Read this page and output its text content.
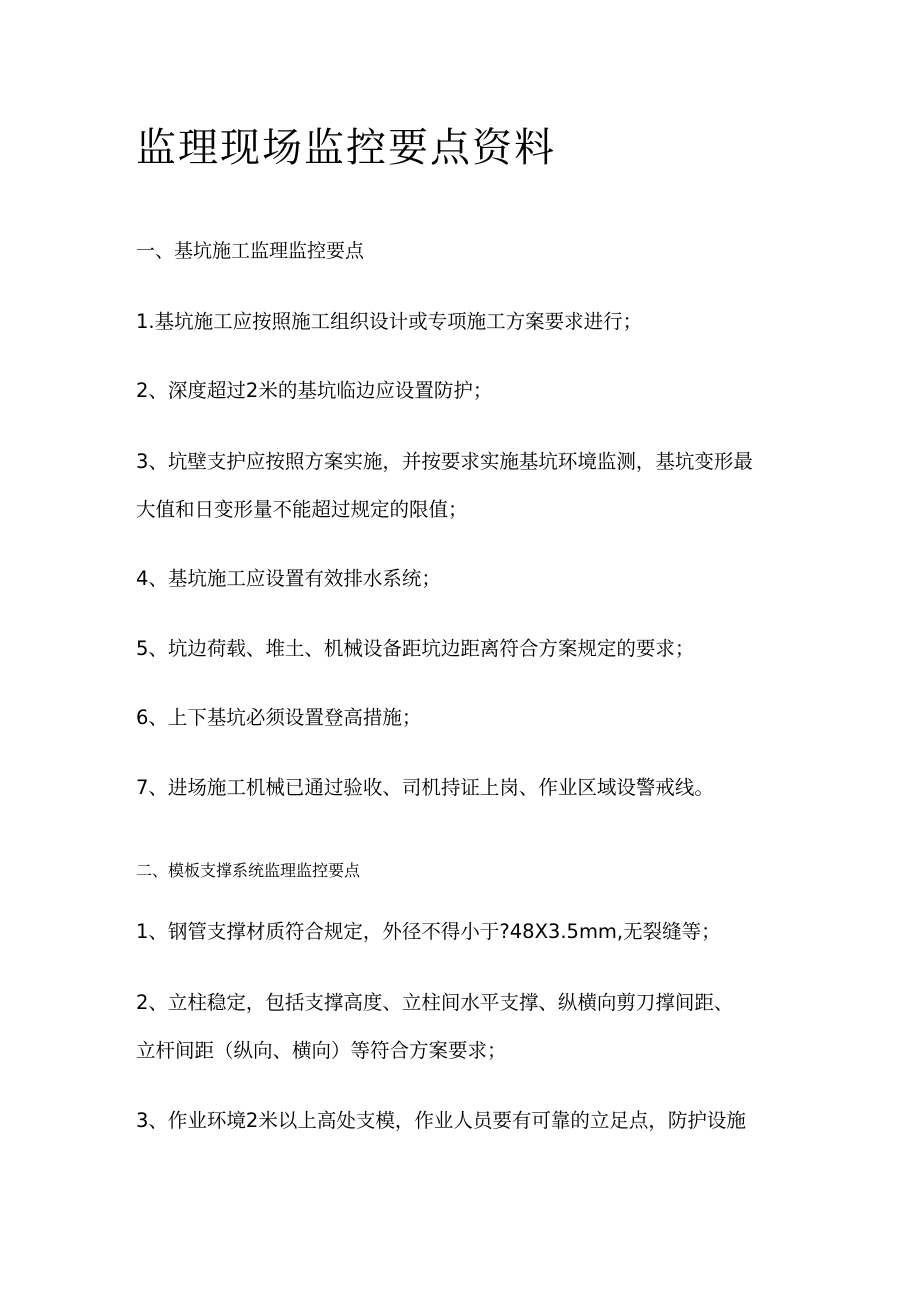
监理现场监控要点资料
一、基坑施工监理监控要点
1.基坑施工应按照施工组织设计或专项施工方案要求进行；
2、深度超过2米的基坑临边应设置防护；
3、坑壁支护应按照方案实施，并按要求实施基坑环境监测，基坑变形最
大值和日变形量不能超过规定的限值；
4、基坑施工应设置有效排水系统；
5、坑边荷载、堆土、机械设备距坑边距离符合方案规定的要求；
6、上下基坑必须设置登高措施；
7、进场施工机械已通过验收、司机持证上岗、作业区域设警戒线。
二、模板支撑系统监理监控要点
1、钢管支撑材质符合规定，外径不得小于?48X3.5mm,无裂缝等；
2、立柱稳定，包括支撑高度、立柱间水平支撑、纵横向剪刀撑间距、
立杆间距（纵向、横向）等符合方案要求；
3、作业环境2米以上高处支模，作业人员要有可靠的立足点，防护设施
